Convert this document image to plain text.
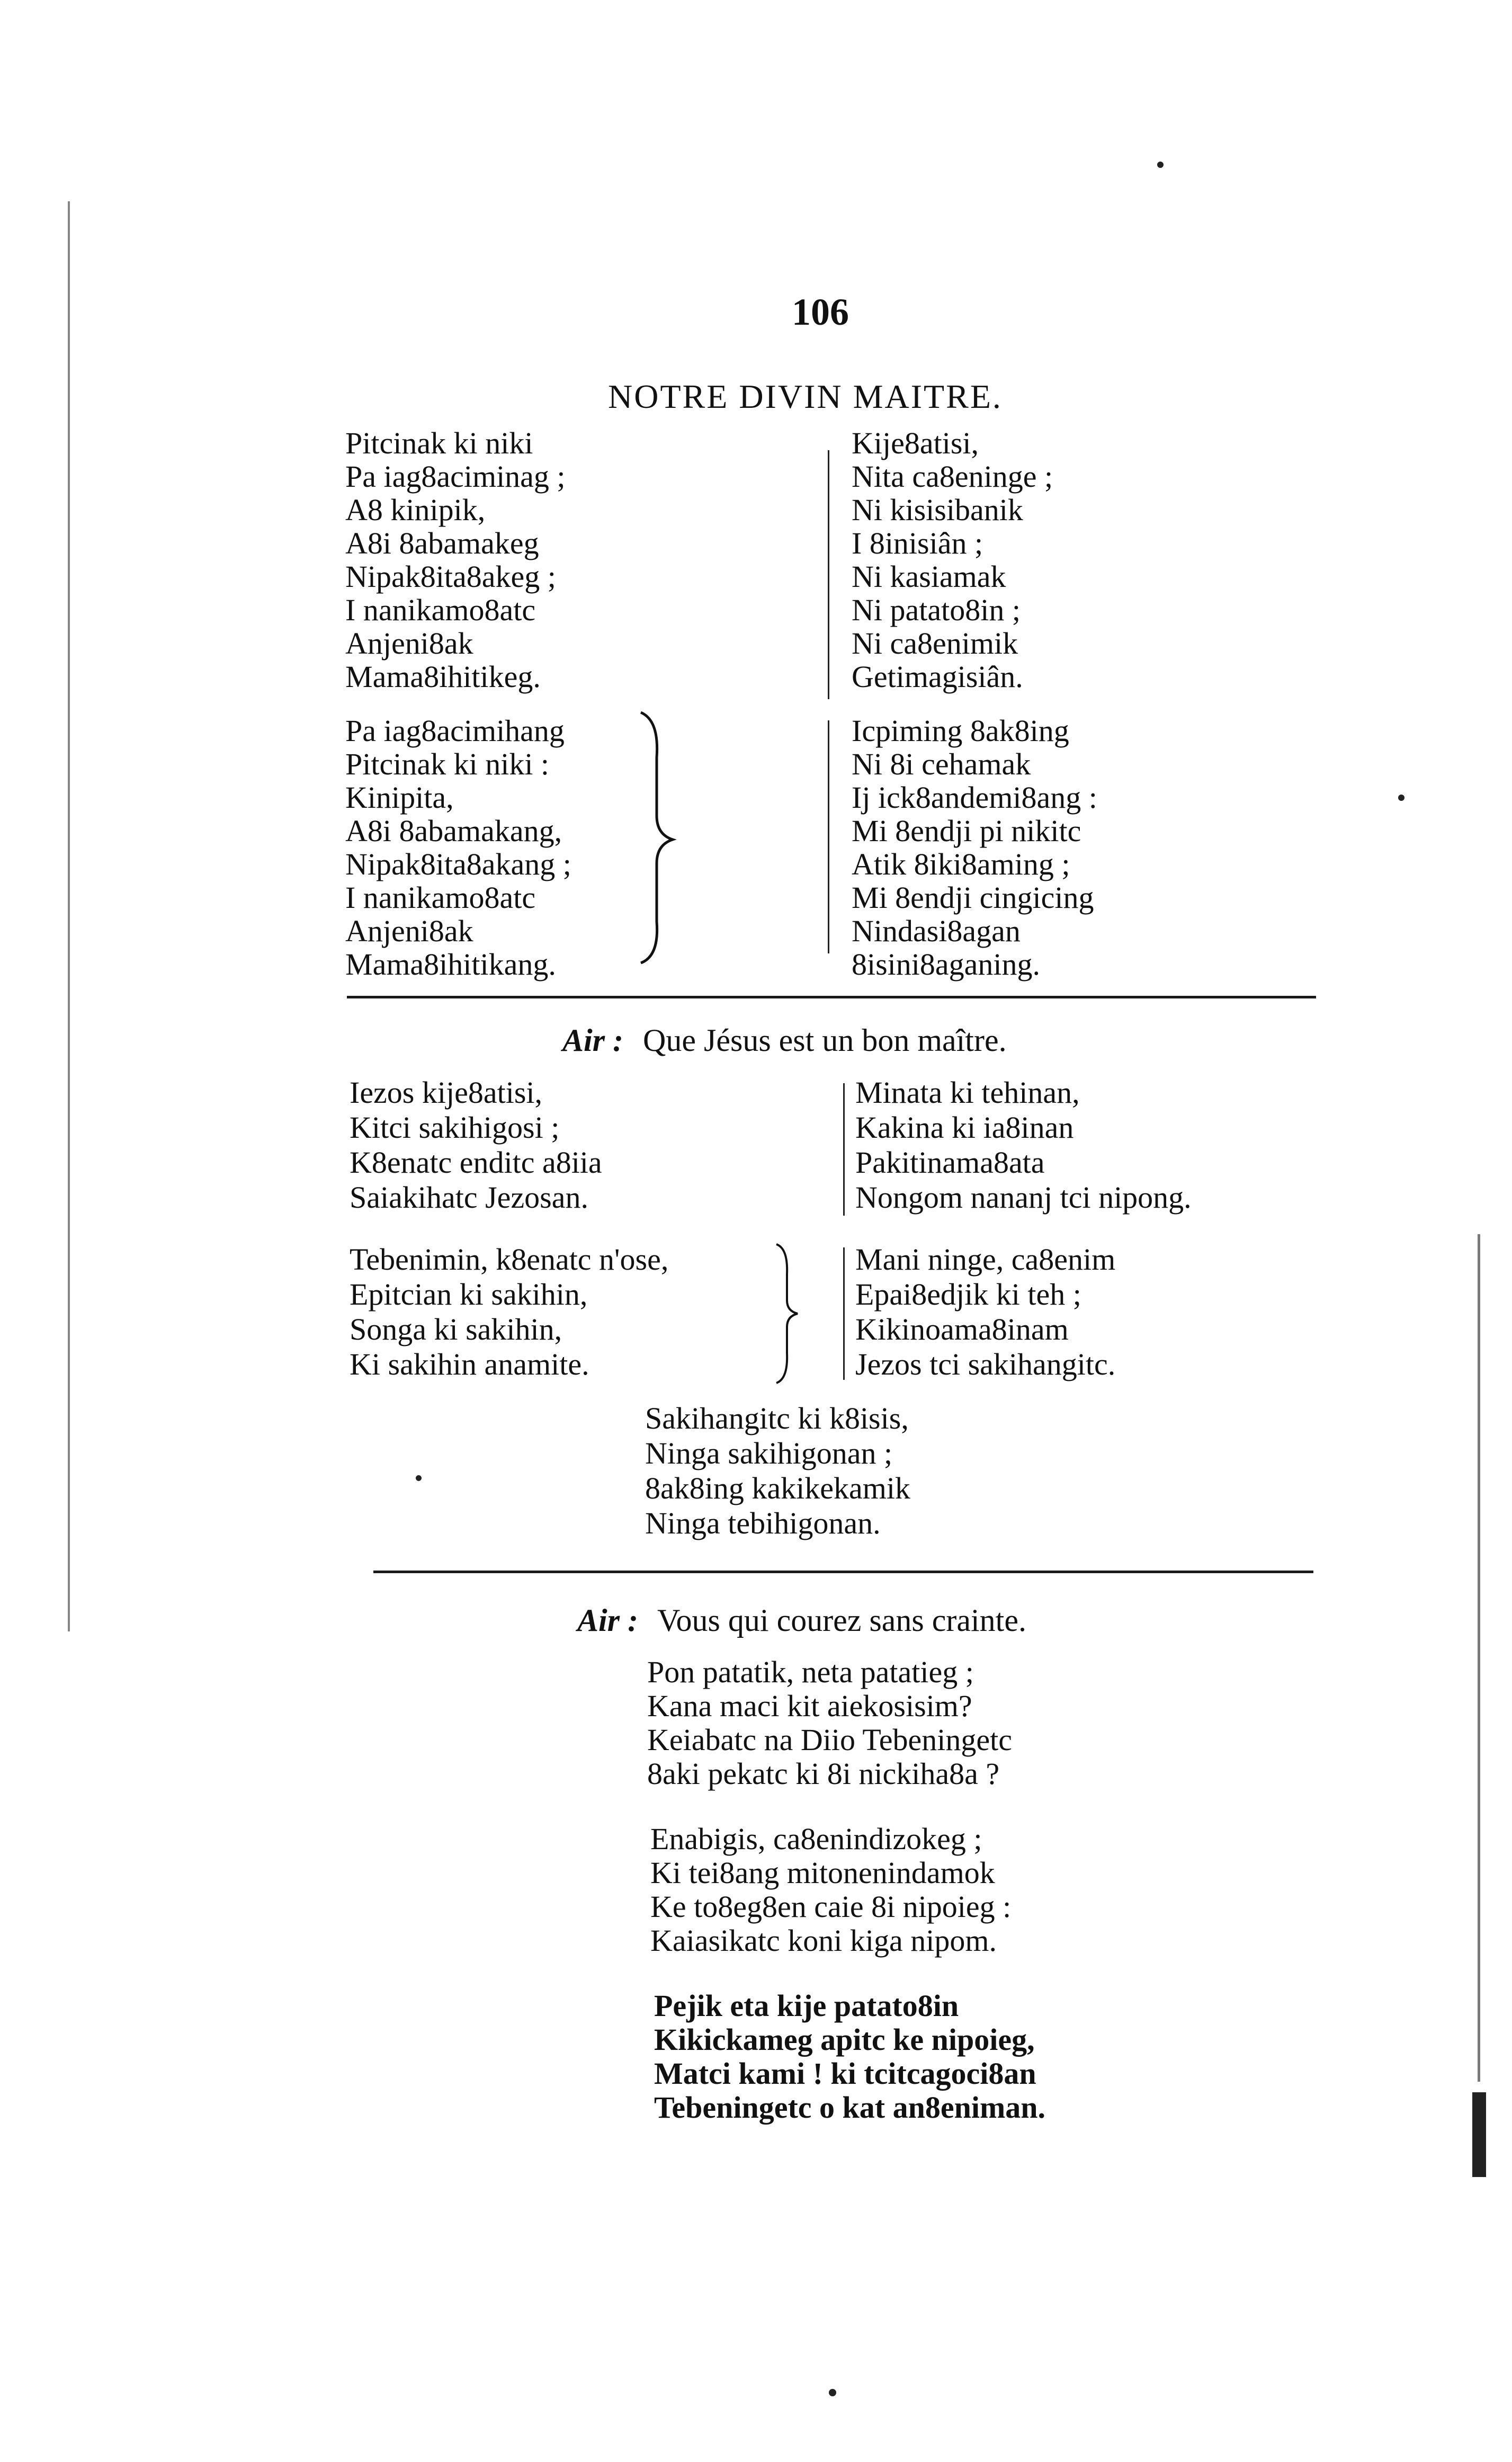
106
NOTRE DIVIN MAITRE.
Pitcinak ki niki
Pa iag8aciminag ;
A8 kinipik,
A8i 8abamakeg
Nipak8ita8akeg ;
I nanikamo8atc
Anjeni8ak
Mama8ihitikeg.
Pa iag8acimihang
Pitcinak ki niki :
Kinipita,
A8i 8abamakang,
Nipak8ita8akang ;
I nanikamo8atc
Anjeni8ak
Mama8ihitikang.
Kije8atisi,
Nita ca8eninge ;
Ni kisisibanik
I 8inisiân ;
Ni kasiamak
Ni patato8in ;
Ni ca8enimik
Getimagisiân.
Icpiming 8ak8ing
Ni 8i cehamak
Ij ick8andemi8ang :
Mi 8endji pi nikitc
Atik 8iki8aming ;
Mi 8endji cingicing
Nindasi8agan
8isini8aganing.
Air : Que Jésus est un bon maître.
Iezos kije8atisi,
Kitci sakihigosi ;
K8enatc enditc a8iia
Saiakihatc Jezosan.
Tebenimin, k8enatc n'ose,
Epitcian ki sakihin,
Songa ki sakihin,
Ki sakihin anamite.
Minata ki tehinan,
Kakina ki ia8inan
Pakitinama8ata
Nongom nananj tci nipong.
Mani ninge, ca8enim
Epai8edjik ki teh ;
Kikinoama8inam
Jezos tci sakihangitc.
Sakihangitc ki k8isis,
Ninga sakihigonan ;
8ak8ing kakikekamik
Ninga tebihigonan.
Air : Vous qui courez sans crainte.
Pon patatik, neta patatieg ;
Kana maci kit aiekosisim?
Keiabatc na Diio Tebeningetc
8aki pekatc ki 8i nickiha8a ?
Enabigis, ca8enindizokeg ;
Ki tei8ang mitonenindamok
Ke to8eg8en caie 8i nipoieg :
Kaiasikatc koni kiga nipom.
Pejik eta kije patato8in
Kikickameg apitc ke nipoieg,
Matci kami ! ki tcitcagoci8an
Tebeningetc o kat an8eniman.
